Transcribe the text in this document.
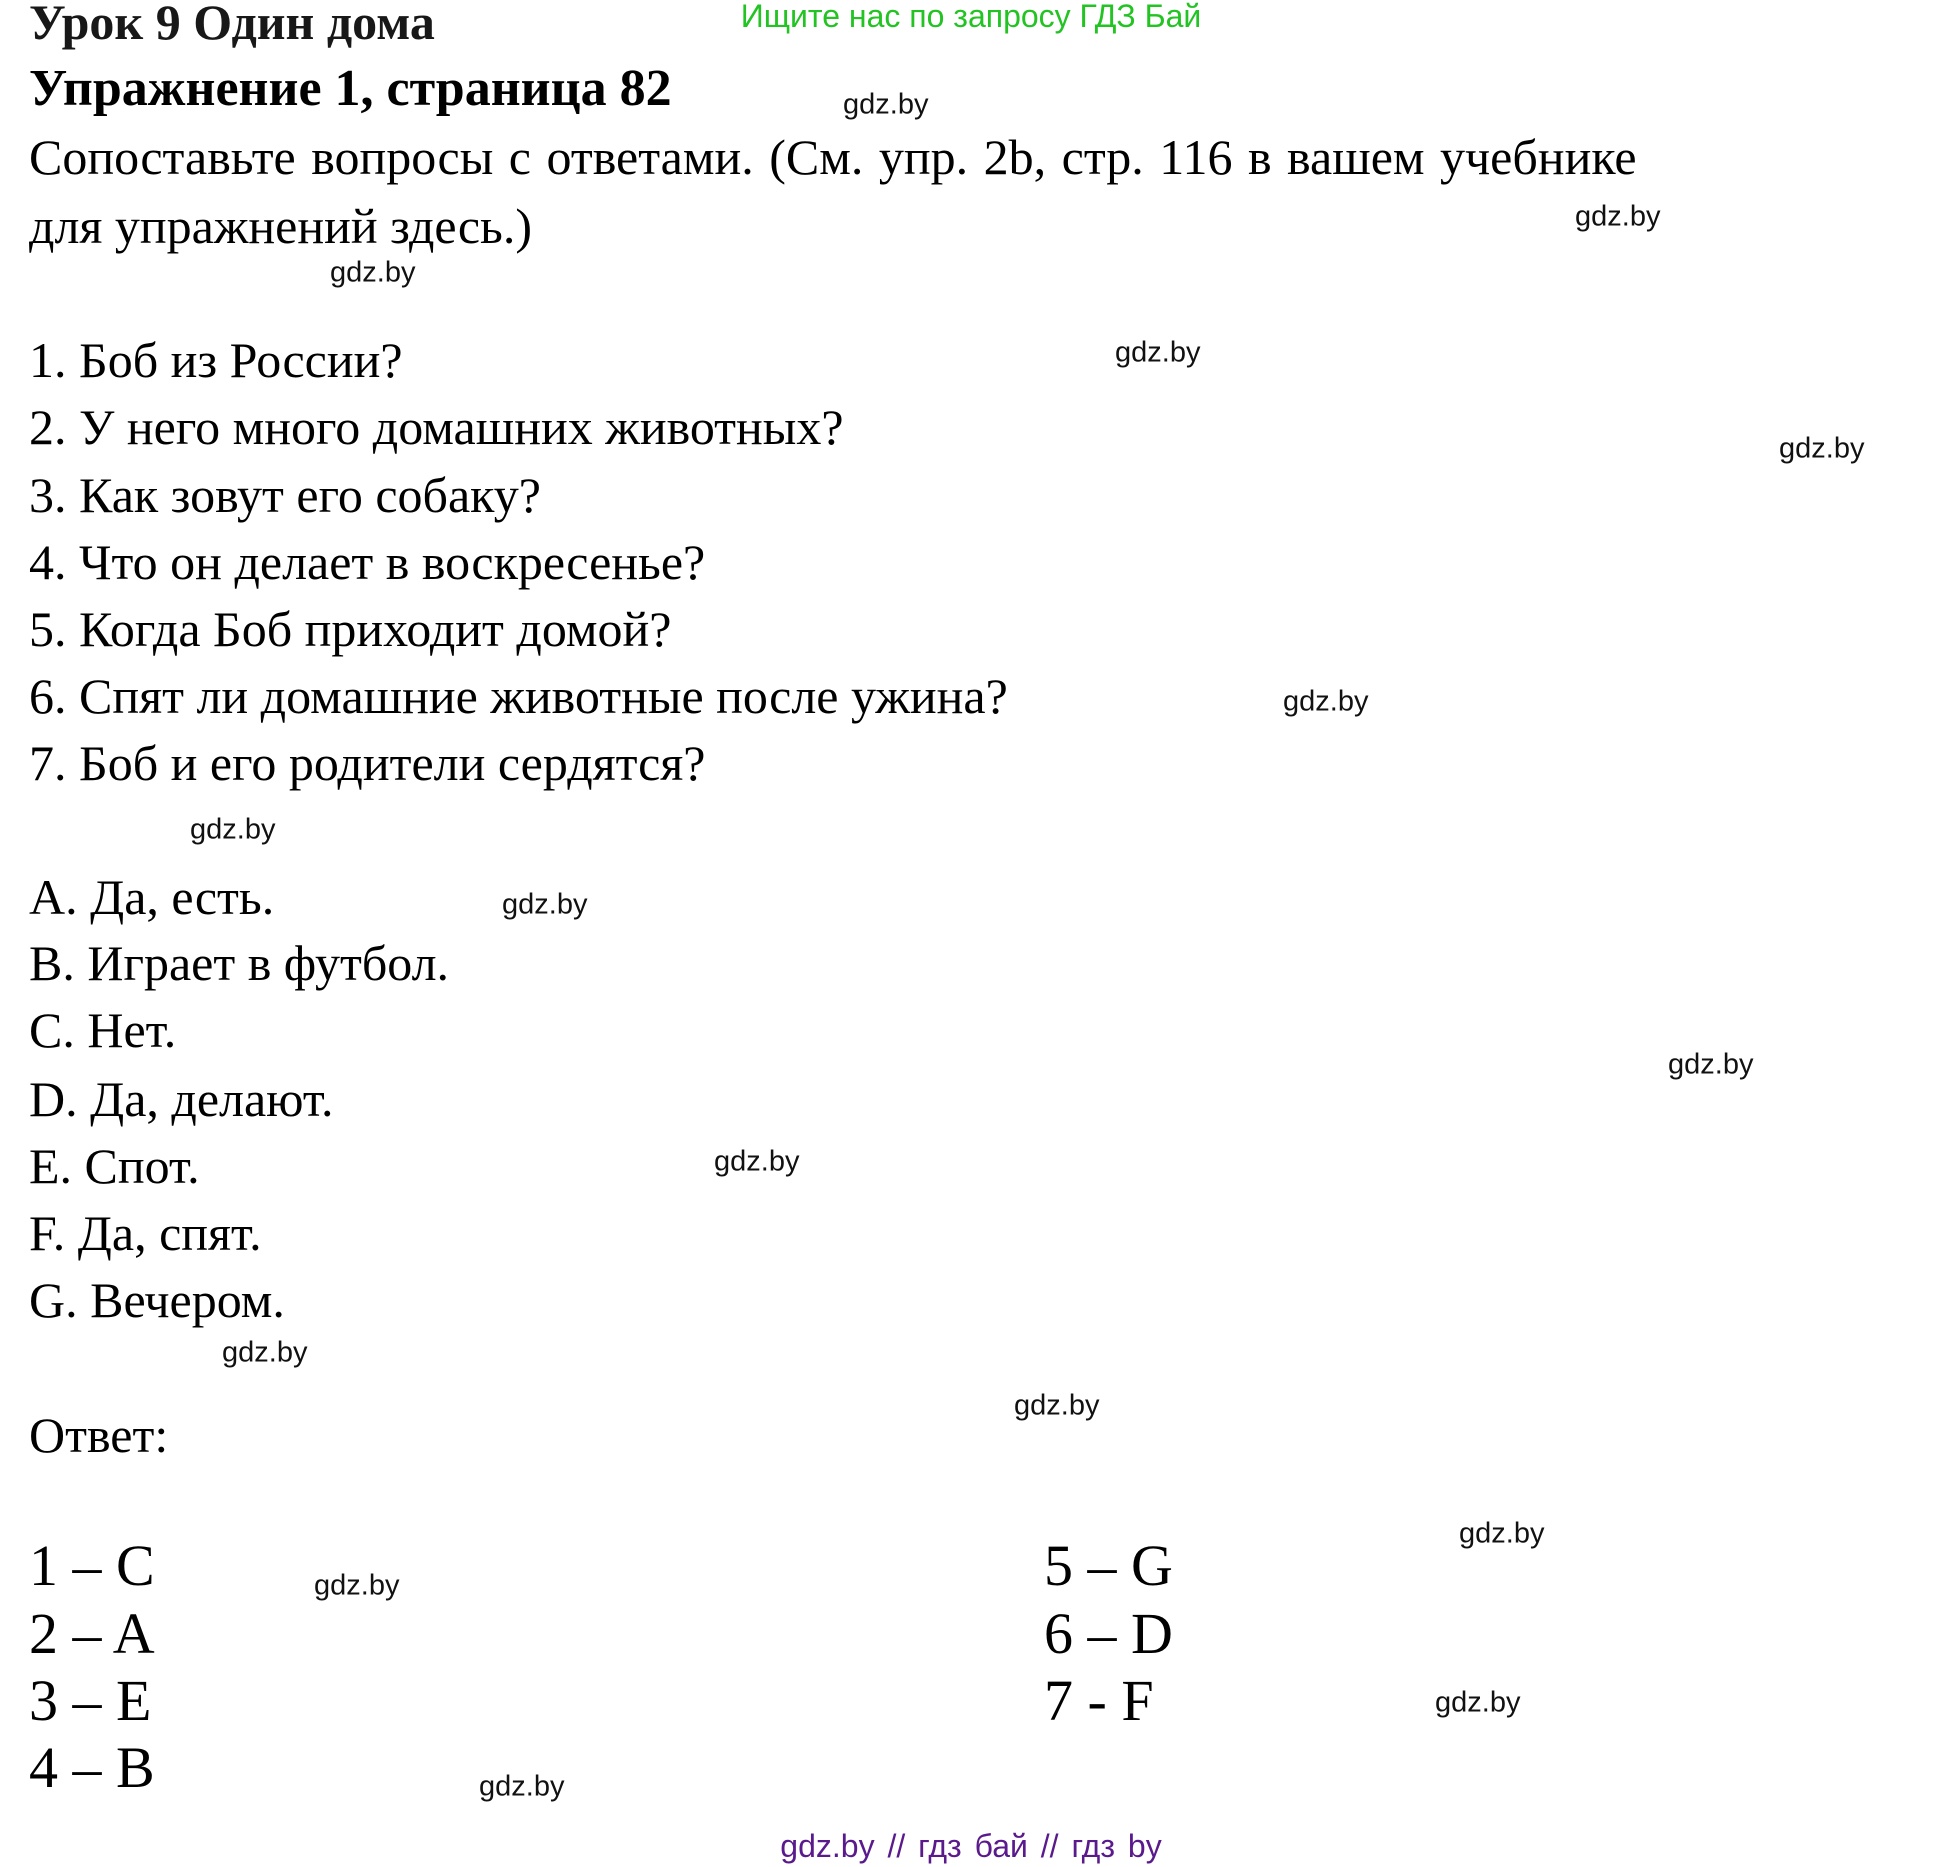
Ищите нас по запросу ГДЗ Бай
Урок 9 Один дома
Упражнение 1, страница 82
Сопоставьте вопросы с ответами. (См. упр. 2b, стр. 116 в вашем учебнике
для упражнений здесь.)
1. Боб из России?
2. У него много домашних животных?
3. Как зовут его собаку?
4. Что он делает в воскресенье?
5. Когда Боб приходит домой?
6. Спят ли домашние животные после ужина?
7. Боб и его родители сердятся?
A. Да, есть.
B. Играет в футбол.
C. Нет.
D. Да, делают.
E. Спот.
F. Да, спят.
G. Вечером.
Ответ:
1 – C
2 – A
3 – E
4 – B
5 – G
6 – D
7 - F
gdz.by
gdz.by
gdz.by
gdz.by
gdz.by
gdz.by
gdz.by
gdz.by
gdz.by
gdz.by
gdz.by
gdz.by
gdz.by
gdz.by
gdz.by
gdz.by
gdz.by // гдз бай // гдз by
